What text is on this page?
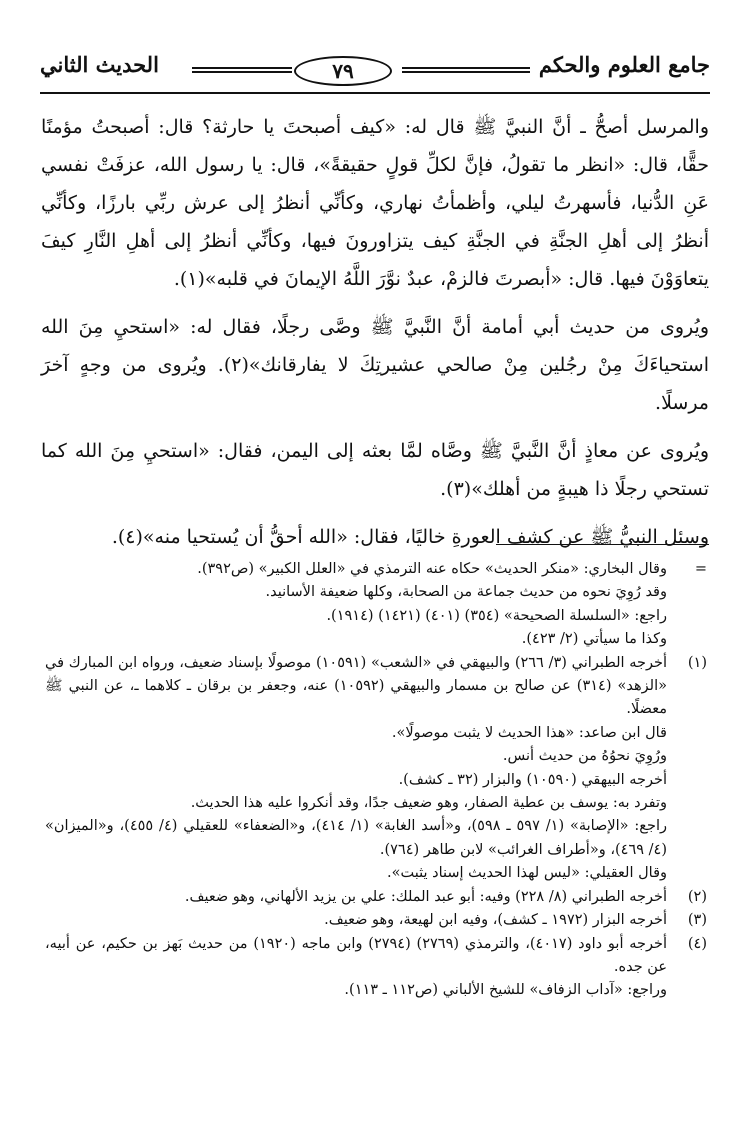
جامع العلوم والحكم
٧٩
الحديث الثاني

والمرسل أصحُّ ـ أنَّ النبيَّ ﷺ قال له: «كيف أصبحتَ يا حارثة؟ قال: أصبحتُ مؤمنًا حقًّا، قال: «انظر ما تقولُ، فإنَّ لكلِّ قولٍ حقيقةً»، قال: يا رسول الله، عزفَتْ نفسي عَنِ الدُّنيا، فأسهرتُ ليلي، وأظمأتُ نهاري، وكأنِّي أنظرُ إلى عرش ربِّي بارزًا، وكأنِّي أنظرُ إلى أهلِ الجنَّةِ في الجنَّةِ كيف يتزاورونَ فيها، وكأنِّي أنظرُ إلى أهلِ النَّارِ كيفَ يتعاوَوْنَ فيها. قال: «أبصرتَ فالزمْ، عبدٌ نوَّرَ اللَّهُ الإيمانَ في قلبه»(١).

ويُروى من حديث أبي أمامة أنَّ النَّبيَّ ﷺ وصَّى رجلًا، فقال له: «استحيِ مِنَ الله استحياءَكَ مِنْ رجُلين مِنْ صالحي عشيرتِكَ لا يفارقانك»(٢). ويُروى من وجهٍ آخرَ مرسلًا.

ويُروى عن معاذٍ أنَّ النَّبيَّ ﷺ وصَّاه لمَّا بعثه إلى اليمن، فقال: «استحيِ مِنَ الله كما تستحي رجلًا ذا هيبةٍ من أهلك»(٣).

وسئل النبيُّ ﷺ عن كشف العورةِ خاليًا، فقال: «الله أحقُّ أن يُستحيا منه»(٤).

=
وقال البخاري: «منكر الحديث» حكاه عنه الترمذي في «العلل الكبير» (ص٣٩٢).
وقد رُوِيَ نحوه من حديث جماعة من الصحابة، وكلها ضعيفة الأسانيد.
راجع: «السلسلة الصحيحة» (٣٥٤) (٤٠١) (١٤٢١) (١٩١٤).
وكذا ما سيأتي (٢/ ٤٢٣).
(١)
أخرجه الطبراني (٣/ ٢٦٦) والبيهقي في «الشعب» (١٠٥٩١) موصولًا بإسناد ضعيف، ورواه ابن المبارك في «الزهد» (٣١٤) عن صالح بن مسمار والبيهقي (١٠٥٩٢) عنه، وجعفر بن برقان ـ كلاهما ـ، عن النبي ﷺ معضلًا.
قال ابن صاعد: «هذا الحديث لا يثبت موصولًا».
ورُوِيَ نحوُهُ من حديث أنس.
أخرجه البيهقي (١٠٥٩٠) والبزار (٣٢ ـ كشف).
وتفرد به: يوسف بن عطية الصفار، وهو ضعيف جدًا، وقد أنكروا عليه هذا الحديث.
راجع: «الإصابة» (١/ ٥٩٧ ـ ٥٩٨)، و«أسد الغابة» (١/ ٤١٤)، و«الضعفاء» للعقيلي (٤/ ٤٥٥)، و«الميزان» (٤/ ٤٦٩)، و«أطراف الغرائب» لابن طاهر (٧٦٤).
وقال العقيلي: «ليس لهذا الحديث إسناد يثبت».
(٢)
أخرجه الطبراني (٨/ ٢٢٨) وفيه: أبو عبد الملك: علي بن يزيد الألهاني، وهو ضعيف.
(٣)
أخرجه البزار (١٩٧٢ ـ كشف)، وفيه ابن لهيعة، وهو ضعيف.
(٤)
أخرجه أبو داود (٤٠١٧)، والترمذي (٢٧٦٩) (٢٧٩٤) وابن ماجه (١٩٢٠) من حديث بَهز بن حكيم، عن أبيه، عن جده.
وراجع: «آداب الزفاف» للشيخ الألباني (ص١١٢ ـ ١١٣).
